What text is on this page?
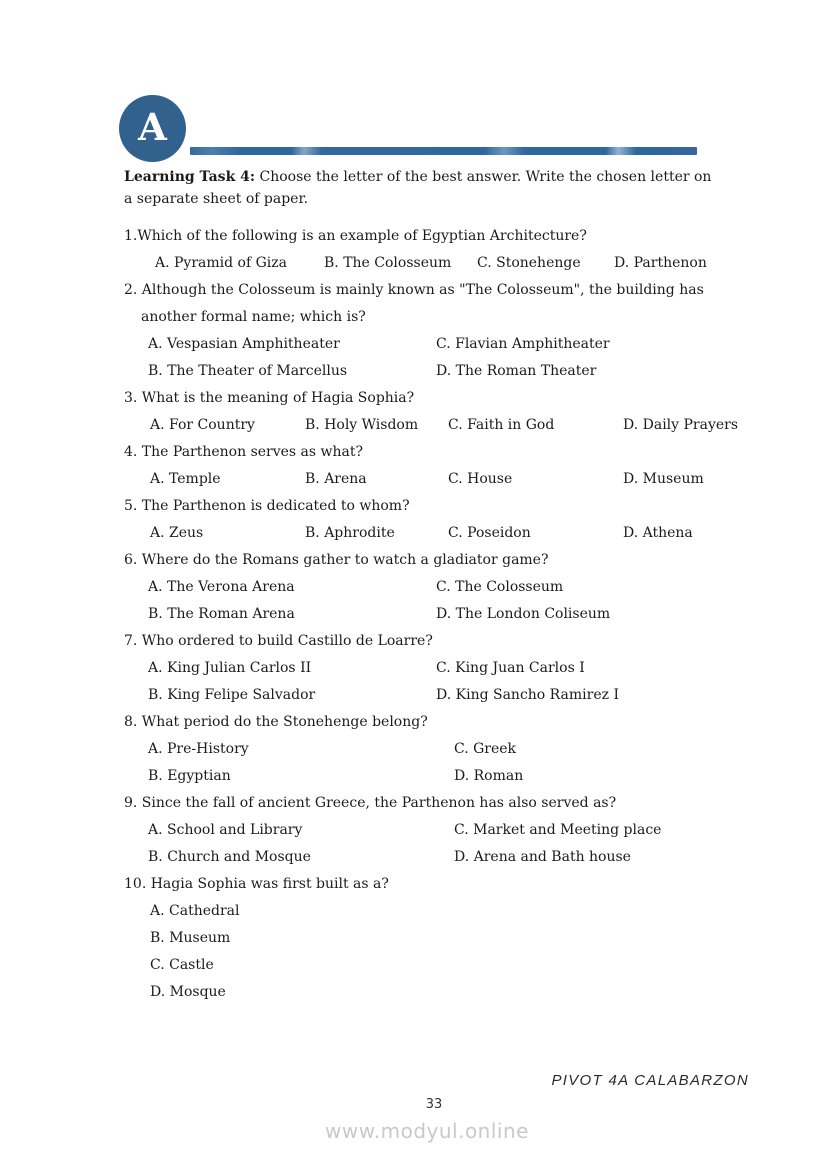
A

Learning Task 4: Choose the letter of the best answer. Write the chosen letter on
a separate sheet of paper.

1.Which of the following is an example of Egyptian Architecture?
A. Pyramid of Giza	B. The Colosseum	C. Stonehenge	D. Parthenon
2. Although the Colosseum is mainly known as "The Colosseum", the building has another formal name; which is?
A. Vespasian Amphitheater	C. Flavian Amphitheater
B. The Theater of Marcellus	D. The Roman Theater
3. What is the meaning of Hagia Sophia?
A. For Country	B. Holy Wisdom	C. Faith in God	D. Daily Prayers
4. The Parthenon serves as what?
A. Temple	B. Arena	C. House	D. Museum
5. The Parthenon is dedicated to whom?
A. Zeus	B. Aphrodite	C. Poseidon	D. Athena
6. Where do the Romans gather to watch a gladiator game?
A. The Verona Arena	C. The Colosseum
B. The Roman Arena	D. The London Coliseum
7. Who ordered to build Castillo de Loarre?
A. King Julian Carlos II	C. King Juan Carlos I
B. King Felipe Salvador	D. King Sancho Ramirez I
8. What period do the Stonehenge belong?
A. Pre-History	C. Greek
B. Egyptian	D. Roman
9. Since the fall of ancient Greece, the Parthenon has also served as?
A. School and Library	C. Market and Meeting place
B. Church and Mosque	D. Arena and Bath house
10. Hagia Sophia was first built as a?
A. Cathedral
B. Museum
C. Castle
D. Mosque
PIVOT 4A CALABARZON
33
www.modyul.online
